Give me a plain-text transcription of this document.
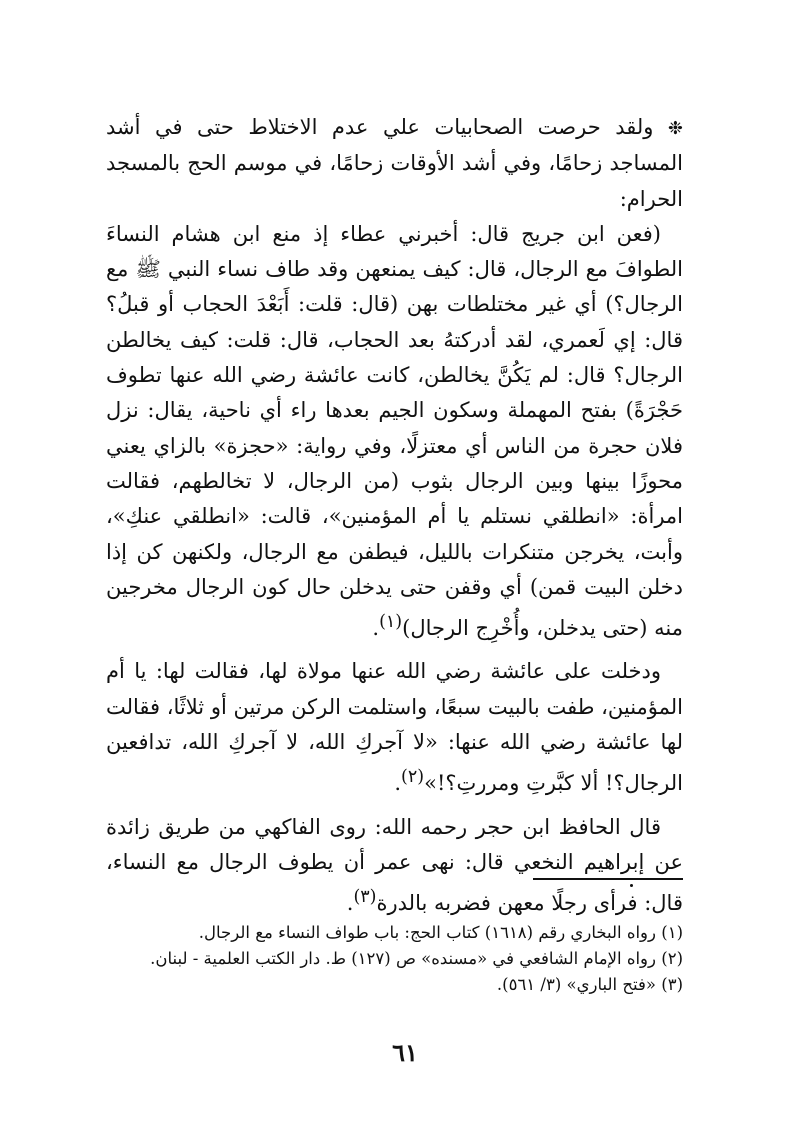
❉ ولقد حرصت الصحابيات علي عدم الاختلاط حتى في أشد المساجد زحامًا، وفي أشد الأوقات زحامًا، في موسم الحج بالمسجد الحرام:

(فعن ابن جريج قال: أخبرني عطاء إذ منع ابن هشام النساءَ الطوافَ مع الرجال، قال: كيف يمنعهن وقد طاف نساء النبي ﷺ مع الرجال؟) أي غير مختلطات بهن (قال: قلت: أَبَعْدَ الحجاب أو قبلُ؟ قال: إي لَعمري، لقد أدركتهُ بعد الحجاب، قال: قلت: كيف يخالطن الرجال؟ قال: لم يَكُنَّ يخالطن، كانت عائشة رضي الله عنها تطوف حَجْرَةً) بفتح المهملة وسكون الجيم بعدها راء أي ناحية، يقال: نزل فلان حجرة من الناس أي معتزلًا، وفي رواية: «حجزة» بالزاي يعني محوزًا بينها وبين الرجال بثوب (من الرجال، لا تخالطهم، فقالت امرأة: «انطلقي نستلم يا أم المؤمنين»، قالت: «انطلقي عنكِ»، وأبت، يخرجن متنكرات بالليل، فيطفن مع الرجال، ولكنهن كن إذا دخلن البيت قمن) أي وقفن حتى يدخلن حال كون الرجال مخرجين منه (حتى يدخلن، وأُخْرِج الرجال)$^{(١)}$.

ودخلت على عائشة رضي الله عنها مولاة لها، فقالت لها: يا أم المؤمنين، طفت بالبيت سبعًا، واستلمت الركن مرتين أو ثلاثًا، فقالت لها عائشة رضي الله عنها: «لا آجركِ الله، لا آجركِ الله، تدافعين الرجال؟! ألا كبَّرتِ ومررتِ؟!»$^{(٢)}$.

قال الحافظ ابن حجر رحمه الله: روى الفاكهي من طريق زائدة عن إبراهيم النخعي قال: نهى عمر أن يطوف الرجال مع النساء، قال: فرأى رجلًا معهن فضربه بالدرة$^{(٣)}$.

(١) رواه البخاري رقم (١٦١٨) كتاب الحج: باب طواف النساء مع الرجال.
(٢) رواه الإمام الشافعي في «مسنده» ص (١٢٧) ط. دار الكتب العلمية - لبنان.
(٣) «فتح الباري» (٣/ ٥٦١).
٦١
